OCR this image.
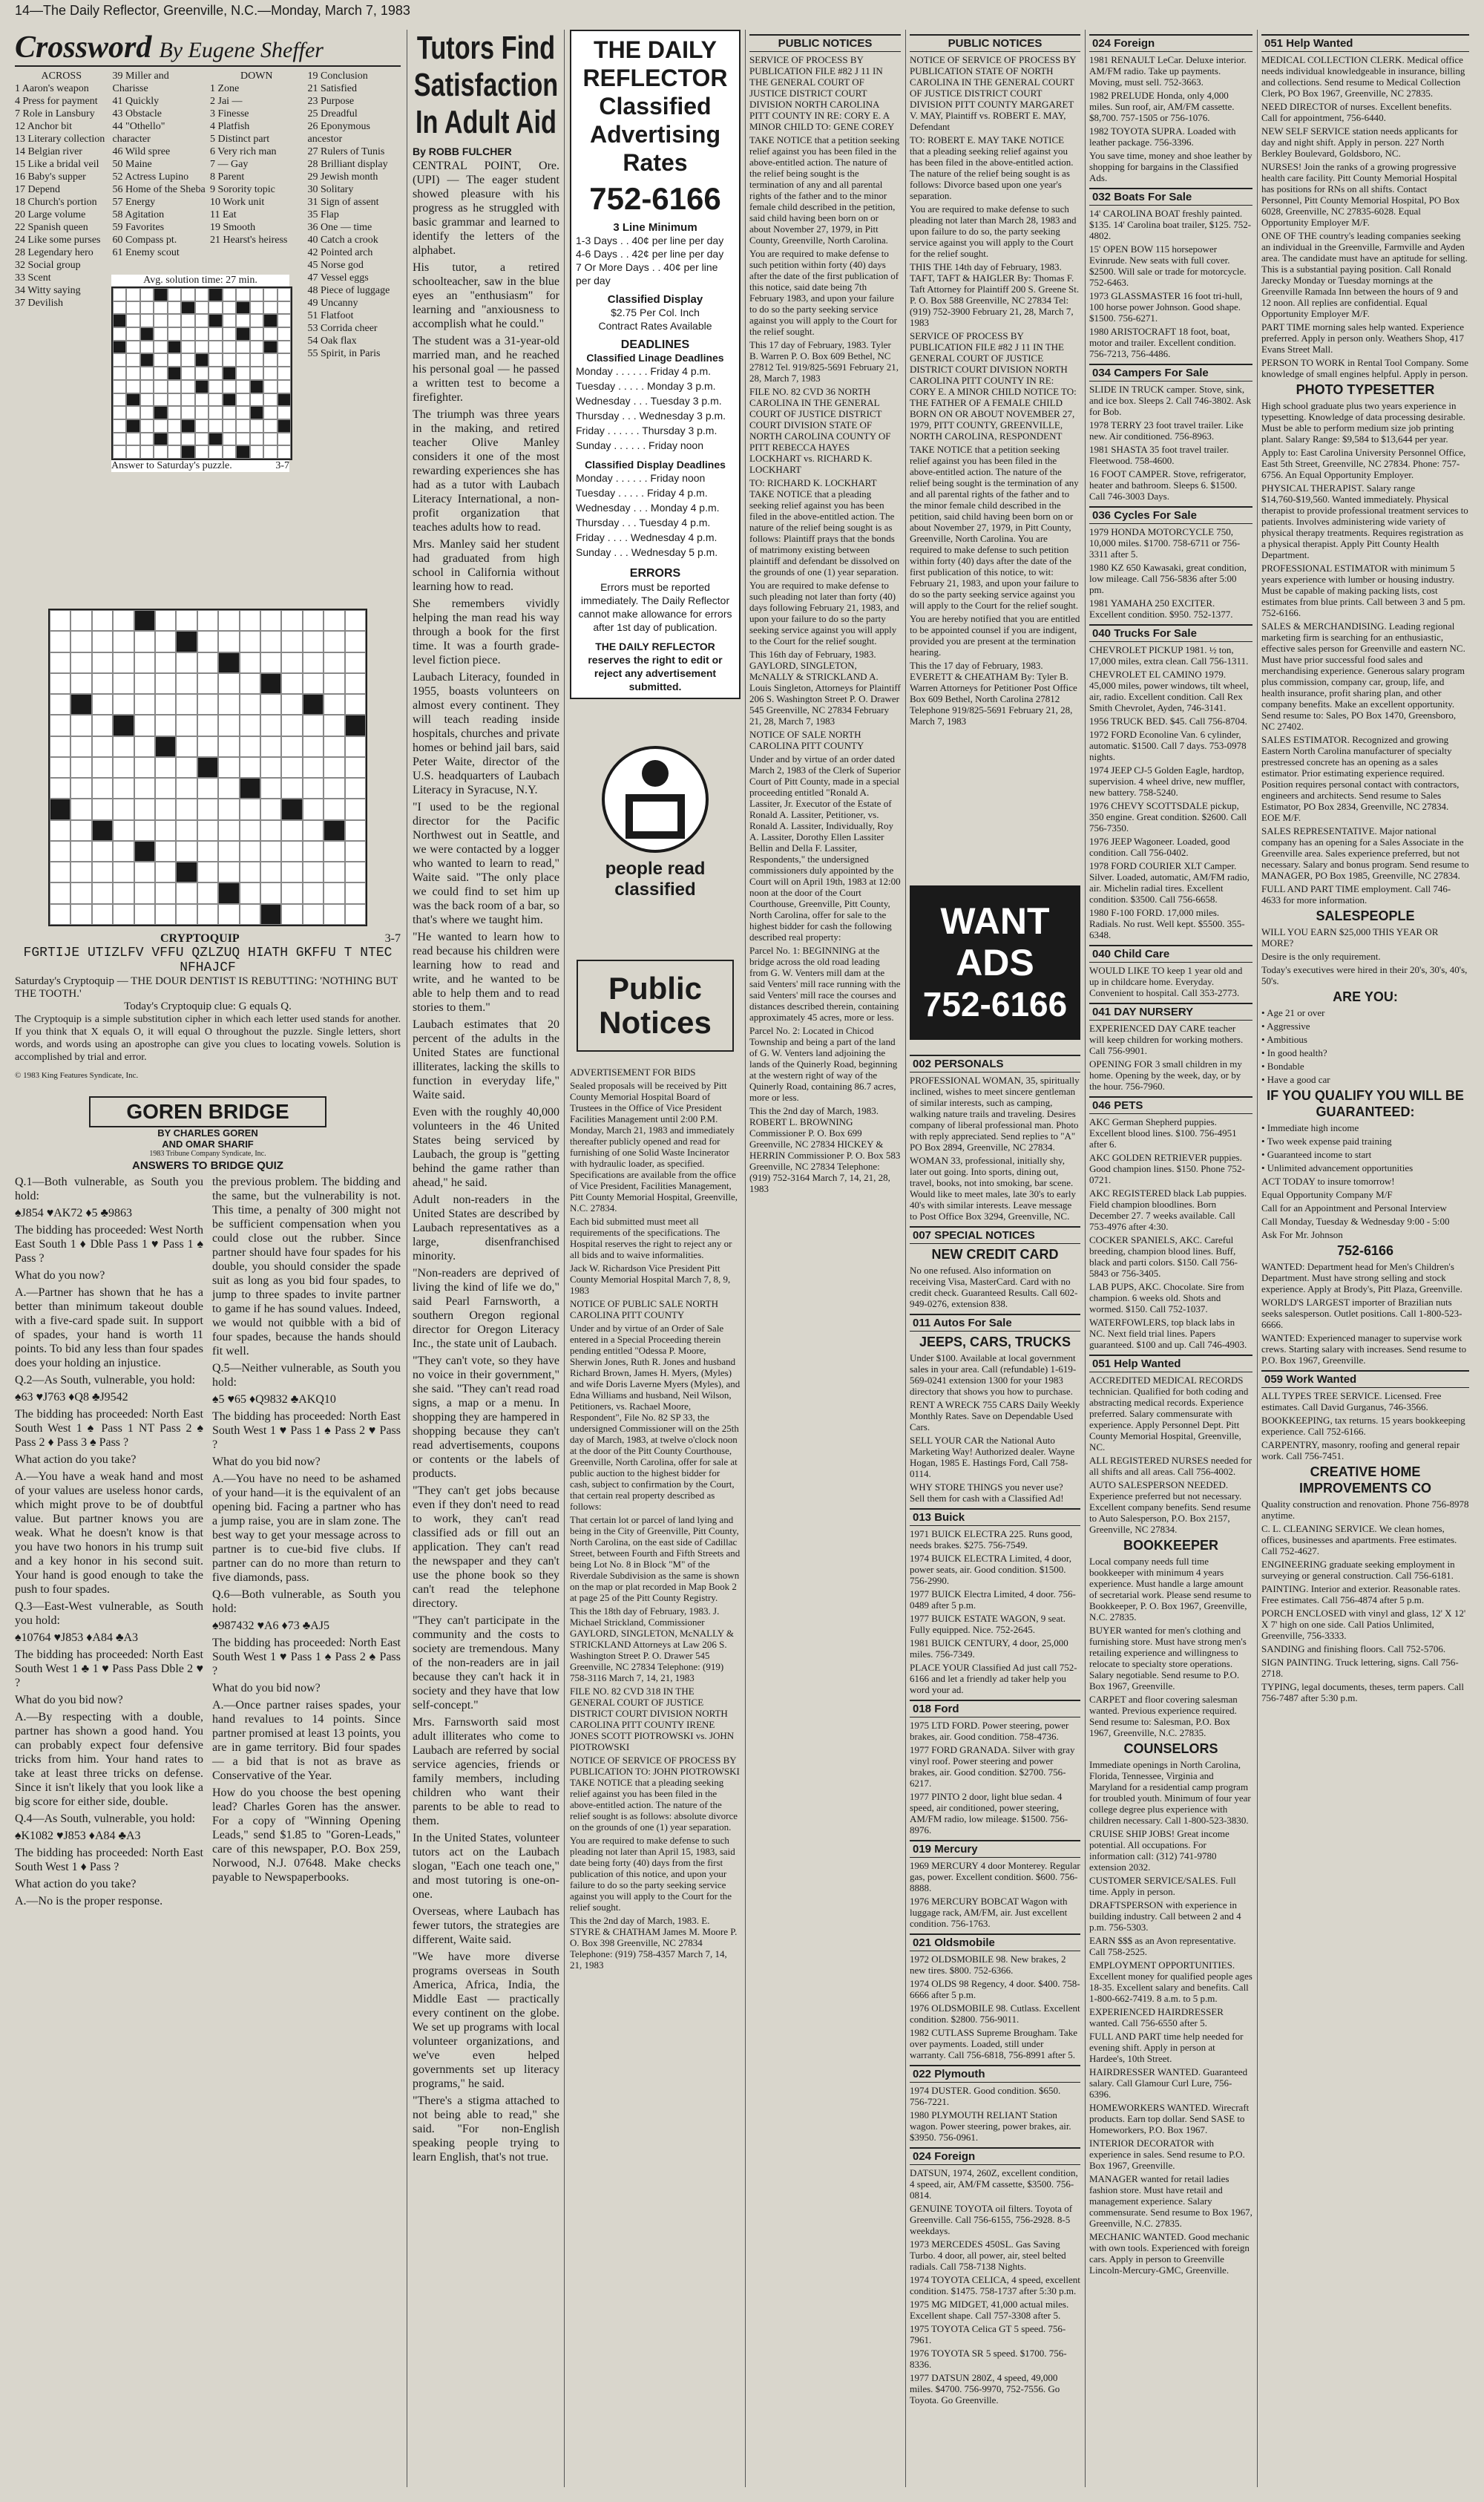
14—The Daily Reflector, Greenville, N.C.—Monday, March 7, 1983
Crossword By Eugene Sheffer
ACROSS
1 Aaron's weapon
4 Press for payment
7 Role in Lansbury
12 Anchor bit
13 Literary collection
14 Belgian river
15 Like a bridal veil
16 Baby's supper
17 Depend
18 Church's portion
20 Large volume
22 Spanish queen
24 Like some purses
28 Legendary hero
32 Social group
33 Scent
34 Witty saying
37 Devilish
39 Miller and Charisse
41 Quickly
43 Obstacle
44 "Othello" character
46 Wild spree
50 Maine
52 Actress Lupino
56 Home of the Sheba
57 Energy
58 Agitation
59 Favorites
60 Compass pt.
61 Enemy scout
DOWN
1 Zone
2 Jai —
3 Finesse
4 Platfish
5 Distinct part
6 Very rich man
7 — Gay
8 Parent
9 Sorority topic
10 Work unit
11 Eat
19 Smooth
21 Hearst's heiress
19 Conclusion
21 Satisfied
23 Purpose
25 Dreadful
26 Eponymous ancestor
27 Rulers of Tunis
28 Brilliant display
29 Jewish month
30 Solitary
31 Sign of assent
35 Flap
36 One — time
40 Catch a crook
42 Pointed arch
45 Norse god
47 Vessel eggs
48 Piece of luggage
49 Uncanny
51 Flatfoot
53 Corrida cheer
54 Oak flax
55 Spirit, in Paris
Avg. solution time: 27 min.
Answer to Saturday's puzzle.	3-7
CRYPTOQUIP	3-7
FGRTIJE UTIZLFV VFFU QZLZUQ HIATH GKFFU T NTEC NFHAJCF
Saturday's Cryptoquip — THE DOUR DENTIST IS REBUTTING: 'NOTHING BUT THE TOOTH.'
Today's Cryptoquip clue: G equals Q.
The Cryptoquip is a simple substitution cipher in which each letter used stands for another. If you think that X equals O, it will equal O throughout the puzzle. Single letters, short words, and words using an apostrophe can give you clues to locating vowels. Solution is accomplished by trial and error.
© 1983 King Features Syndicate, Inc.
GOREN BRIDGE
BY CHARLES GOREN
AND OMAR SHARIF
1983 Tribune Company Syndicate, Inc.
ANSWERS TO BRIDGE QUIZ

Q.1—Both vulnerable, as South you hold:

♠J854 ♥AK72 ♦5 ♣9863

The bidding has proceeded: West North East South 1 ♦ Dble Pass 1 ♥ Pass 1 ♠ Pass ?

What do you now?

A.—Partner has shown that he has a better than minimum takeout double with a five-card spade suit. In support of spades, your hand is worth 11 points. To bid any less than four spades does your holding an injustice.

Q.2—As South, vulnerable, you hold:

♠63 ♥J763 ♦Q8 ♣J9542

The bidding has proceeded: North East South West 1 ♠ Pass 1 NT Pass 2 ♠ Pass 2 ♦ Pass 3 ♠ Pass ?

What action do you take?

A.—You have a weak hand and most of your values are useless honor cards, which might prove to be of doubtful value. But partner knows you are weak. What he doesn't know is that you have two honors in his trump suit and a key honor in his second suit. Your hand is good enough to take the push to four spades.

Q.3—East-West vulnerable, as South you hold:

♠10764 ♥J853 ♦A84 ♣A3

The bidding has proceeded: North East South West 1 ♣ 1 ♥ Pass Pass Dble 2 ♥ ?

What do you bid now?

A.—By respecting with a double, partner has shown a good hand. You can probably expect four defensive tricks from him. Your hand rates to take at least three tricks on defense. Since it isn't likely that you look like a big score for either side, double.

Q.4—As South, vulnerable, you hold:

♠K1082 ♥J853 ♦A84 ♣A3

The bidding has proceeded: North East South West 1 ♦ Pass ?

What action do you take?

A.—No is the proper response.

the previous problem. The bidding and the same, but the vulnerability is not. This time, a penalty of 300 might not be sufficient compensation when you could close out the rubber. Since partner should have four spades for his double, you should consider the spade suit as long as you bid four spades, to jump to three spades to invite partner to game if he has sound values. Indeed, we would not quibble with a bid of four spades, because the hands should fit well.

Q.5—Neither vulnerable, as South you hold:

♠5 ♥65 ♦Q9832 ♣AKQ10

The bidding has proceeded: North East South West 1 ♥ Pass 1 ♠ Pass 2 ♥ Pass ?

What do you bid now?

A.—You have no need to be ashamed of your hand—it is the equivalent of an opening bid. Facing a partner who has a jump raise, you are in slam zone. The best way to get your message across to partner is to cue-bid five clubs. If partner can do no more than return to five diamonds, pass.

Q.6—Both vulnerable, as South you hold:

♠987432 ♥A6 ♦73 ♣AJ5

The bidding has proceeded: North East South West 1 ♥ Pass 1 ♠ Pass 2 ♠ Pass ?

What do you bid now?

A.—Once partner raises spades, your hand revalues to 14 points. Since partner promised at least 13 points, you are in game territory. Bid four spades — a bid that is not as brave as Conservative of the Year.

How do you choose the best opening lead? Charles Goren has the answer. For a copy of "Winning Opening Leads," send $1.85 to "Goren-Leads," care of this newspaper, P.O. Box 259, Norwood, N.J. 07648. Make checks payable to Newspaperbooks.

Tutors Find Satisfaction In Adult Aid
By ROBB FULCHER

CENTRAL POINT, Ore. (UPI) — The eager student showed pleasure with his progress as he struggled with basic grammar and learned to identify the letters of the alphabet.

His tutor, a retired schoolteacher, saw in the blue eyes an "enthusiasm" for learning and "anxiousness to accomplish what he could."

The student was a 31-year-old married man, and he reached his personal goal — he passed a written test to become a firefighter.

The triumph was three years in the making, and retired teacher Olive Manley considers it one of the most rewarding experiences she has had as a tutor with Laubach Literacy International, a non-profit organization that teaches adults how to read.

Mrs. Manley said her student had graduated from high school in California without learning how to read.

She remembers vividly helping the man read his way through a book for the first time. It was a fourth grade-level fiction piece.

Laubach Literacy, founded in 1955, boasts volunteers on almost every continent. They will teach reading inside hospitals, churches and private homes or behind jail bars, said Peter Waite, director of the U.S. headquarters of Laubach Literacy in Syracuse, N.Y.

"I used to be the regional director for the Pacific Northwest out in Seattle, and we were contacted by a logger who wanted to learn to read," Waite said. "The only place we could find to set him up was the back room of a bar, so that's where we taught him.

"He wanted to learn how to read because his children were learning how to read and write, and he wanted to be able to help them and to read stories to them."

Laubach estimates that 20 percent of the adults in the United States are functional illiterates, lacking the skills to function in everyday life," Waite said.

Even with the roughly 40,000 volunteers in the 46 United States being serviced by Laubach, the group is "getting behind the game rather than ahead," he said.

Adult non-readers in the United States are described by Laubach representatives as a large, disenfranchised minority.

"Non-readers are deprived of living the kind of life we do," said Pearl Farnsworth, a southern Oregon regional director for Oregon Literacy Inc., the state unit of Laubach.

"They can't vote, so they have no voice in their government," she said. "They can't read road signs, a map or a menu. In shopping they are hampered in shopping because they can't read advertisements, coupons or contents or the labels of products.

"They can't get jobs because even if they don't need to read to work, they can't read classified ads or fill out an application. They can't read the newspaper and they can't use the phone book so they can't read the telephone directory.

"They can't participate in the community and the costs to society are tremendous. Many of the non-readers are in jail because they can't hack it in society and they have that low self-concept."

Mrs. Farnsworth said most adult illiterates who come to Laubach are referred by social service agencies, friends or family members, including children who want their parents to be able to read to them.

In the United States, volunteer tutors act on the Laubach slogan, "Each one teach one," and most tutoring is one-on-one.

Overseas, where Laubach has fewer tutors, the strategies are different, Waite said.

"We have more diverse programs overseas in South America, Africa, India, the Middle East — practically every continent on the globe. We set up programs with local volunteer organizations, and we've even helped governments set up literacy programs," he said.

"There's a stigma attached to not being able to read," she said. "For non-English speaking people trying to learn English, that's not true.

THE DAILY REFLECTOR Classified Advertising Rates
752-6166
3 Line Minimum
1-3 Days . . 40¢ per line per day
4-6 Days . . 42¢ per line per day
7 Or More Days . . 40¢ per line per day
Classified Display
$2.75 Per Col. Inch
Contract Rates Available
DEADLINES
Classified Linage Deadlines
Monday . . . . . . Friday 4 p.m.
Tuesday . . . . . Monday 3 p.m.
Wednesday . . . Tuesday 3 p.m.
Thursday . . . Wednesday 3 p.m.
Friday . . . . . . Thursday 3 p.m.
Sunday . . . . . . Friday noon
Classified Display Deadlines
Monday . . . . . . Friday noon
Tuesday . . . . . Friday 4 p.m.
Wednesday . . . Monday 4 p.m.
Thursday . . . Tuesday 4 p.m.
Friday . . . . Wednesday 4 p.m.
Sunday . . . Wednesday 5 p.m.
ERRORS
Errors must be reported immediately. The Daily Reflector cannot make allowance for errors after 1st day of publication.
THE DAILY REFLECTOR reserves the right to edit or reject any advertisement submitted.
people read classified
Public Notices

ADVERTISEMENT FOR BIDS

Sealed proposals will be received by Pitt County Memorial Hospital Board of Trustees in the Office of Vice President Facilities Management until 2:00 P.M. Monday, March 21, 1983 and immediately thereafter publicly opened and read for furnishing of one Solid Waste Incinerator with hydraulic loader, as specified. Specifications are available from the office of Vice President, Facilities Management, Pitt County Memorial Hospital, Greenville, N.C. 27834.

Each bid submitted must meet all requirements of the specifications. The Hospital reserves the right to reject any or all bids and to waive informalities.

Jack W. Richardson Vice President Pitt County Memorial Hospital March 7, 8, 9, 1983

NOTICE OF PUBLIC SALE NORTH CAROLINA PITT COUNTY

Under and by virtue of an Order of Sale entered in a Special Proceeding therein pending entitled "Odessa P. Moore, Sherwin Jones, Ruth R. Jones and husband Richard Brown, James H. Myers, (Myles) and wife Doris Laverne Myers (Myles), and Edna Williams and husband, Neil Wilson, Petitioners, vs. Rachael Moore, Respondent", File No. 82 SP 33, the undersigned Commissioner will on the 25th day of March, 1983, at twelve o'clock noon at the door of the Pitt County Courthouse, Greenville, North Carolina, offer for sale at public auction to the highest bidder for cash, subject to confirmation by the Court, that certain real property described as follows:

That certain lot or parcel of land lying and being in the City of Greenville, Pitt County, North Carolina, on the east side of Cadillac Street, between Fourth and Fifth Streets and being Lot No. 8 in Block "M" of the Riverdale Subdivision as the same is shown on the map or plat recorded in Map Book 2 at page 25 of the Pitt County Registry.

This the 18th day of February, 1983. J. Michael Strickland, Commissioner GAYLORD, SINGLETON, McNALLY & STRICKLAND Attorneys at Law 206 S. Washington Street P. O. Drawer 545 Greenville, NC 27834 Telephone: (919) 758-3116 March 7, 14, 21, 1983

FILE NO. 82 CVD 318 IN THE GENERAL COURT OF JUSTICE DISTRICT COURT DIVISION NORTH CAROLINA PITT COUNTY IRENE JONES SCOTT PIOTROWSKI vs. JOHN PIOTROWSKI

NOTICE OF SERVICE OF PROCESS BY PUBLICATION TO: JOHN PIOTROWSKI TAKE NOTICE that a pleading seeking relief against you has been filed in the above-entitled action. The nature of the relief sought is as follows: absolute divorce on the grounds of one (1) year separation.

You are required to make defense to such pleading not later than April 15, 1983, said date being forty (40) days from the first publication of this notice, and upon your failure to do so the party seeking service against you will apply to the Court for the relief sought.

This the 2nd day of March, 1983. E. STYRE & CHATHAM James M. Moore P. O. Box 398 Greenville, NC 27834 Telephone: (919) 758-4357 March 7, 14, 21, 1983

PUBLIC NOTICES

SERVICE OF PROCESS BY PUBLICATION FILE #82 J 11 IN THE GENERAL COURT OF JUSTICE DISTRICT COURT DIVISION NORTH CAROLINA PITT COUNTY IN RE: CORY E. A MINOR CHILD TO: GENE COREY

TAKE NOTICE that a petition seeking relief against you has been filed in the above-entitled action. The nature of the relief being sought is the termination of any and all parental rights of the father and to the minor female child described in the petition, said child having been born on or about November 27, 1979, in Pitt County, Greenville, North Carolina.

You are required to make defense to such petition within forty (40) days after the date of the first publication of this notice, said date being 7th February 1983, and upon your failure to do so the party seeking service against you will apply to the Court for the relief sought.

This 17 day of February, 1983. Tyler B. Warren P. O. Box 609 Bethel, NC 27812 Tel. 919/825-5691 February 21, 28, March 7, 1983

FILE NO. 82 CVD 36 NORTH CAROLINA IN THE GENERAL COURT OF JUSTICE DISTRICT COURT DIVISION STATE OF NORTH CAROLINA COUNTY OF PITT REBECCA HAYES LOCKHART vs. RICHARD K. LOCKHART

TO: RICHARD K. LOCKHART TAKE NOTICE that a pleading seeking relief against you has been filed in the above-entitled action. The nature of the relief being sought is as follows: Plaintiff prays that the bonds of matrimony existing between plaintiff and defendant be dissolved on the grounds of one (1) year separation.

You are required to make defense to such pleading not later than forty (40) days following February 21, 1983, and upon your failure to do so the party seeking service against you will apply to the Court for the relief sought.

This 16th day of February, 1983. GAYLORD, SINGLETON, McNALLY & STRICKLAND A. Louis Singleton, Attorneys for Plaintiff 206 S. Washington Street P. O. Drawer 545 Greenville, NC 27834 February 21, 28, March 7, 1983

NOTICE OF SALE NORTH CAROLINA PITT COUNTY

Under and by virtue of an order dated March 2, 1983 of the Clerk of Superior Court of Pitt County, made in a special proceeding entitled "Ronald A. Lassiter, Jr. Executor of the Estate of Ronald A. Lassiter, Petitioner, vs. Ronald A. Lassiter, Individually, Roy A. Lassiter, Dorothy Ellen Lassiter Bellin and Della F. Lassiter, Respondents," the undersigned commissioners duly appointed by the Court will on April 19th, 1983 at 12:00 noon at the door of the Court Courthouse, Greenville, Pitt County, North Carolina, offer for sale to the highest bidder for cash the following described real property:

Parcel No. 1: BEGINNING at the bridge across the old road leading from G. W. Venters mill dam at the said Venters' mill race running with the said Venters' mill race the courses and distances described therein, containing approximately 45 acres, more or less.

Parcel No. 2: Located in Chicod Township and being a part of the land of G. W. Venters land adjoining the lands of the Quinerly Road, beginning at the western right of way of the Quinerly Road, containing 86.7 acres, more or less.

This the 2nd day of March, 1983. ROBERT L. BROWNING Commissioner P. O. Box 699 Greenville, NC 27834 HICKEY & HERRIN Commissioner P. O. Box 583 Greenville, NC 27834 Telephone: (919) 752-3164 March 7, 14, 21, 28, 1983

PUBLIC NOTICES

NOTICE OF SERVICE OF PROCESS BY PUBLICATION STATE OF NORTH CAROLINA IN THE GENERAL COURT OF JUSTICE DISTRICT COURT DIVISION PITT COUNTY MARGARET V. MAY, Plaintiff vs. ROBERT E. MAY, Defendant

TO: ROBERT E. MAY TAKE NOTICE that a pleading seeking relief against you has been filed in the above-entitled action. The nature of the relief being sought is as follows: Divorce based upon one year's separation.

You are required to make defense to such pleading not later than March 28, 1983 and upon failure to do so, the party seeking service against you will apply to the Court for the relief sought.

THIS THE 14th day of February, 1983. TAFT, TAFT & HAIGLER By: Thomas F. Taft Attorney for Plaintiff 200 S. Greene St. P. O. Box 588 Greenville, NC 27834 Tel: (919) 752-3900 February 21, 28, March 7, 1983

SERVICE OF PROCESS BY PUBLICATION FILE #82 J 11 IN THE GENERAL COURT OF JUSTICE DISTRICT COURT DIVISION NORTH CAROLINA PITT COUNTY IN RE: CORY E. A MINOR CHILD NOTICE TO: THE FATHER OF A FEMALE CHILD BORN ON OR ABOUT NOVEMBER 27, 1979, PITT COUNTY, GREENVILLE, NORTH CAROLINA, RESPONDENT

TAKE NOTICE that a petition seeking relief against you has been filed in the above-entitled action. The nature of the relief being sought is the termination of any and all parental rights of the father and to the minor female child described in the petition, said child having been born on or about November 27, 1979, in Pitt County, Greenville, North Carolina. You are required to make defense to such petition within forty (40) days after the date of the first publication of this notice, to wit: February 21, 1983, and upon your failure to do so the party seeking service against you will apply to the Court for the relief sought.

You are hereby notified that you are entitled to be appointed counsel if you are indigent, provided you are present at the termination hearing.

This the 17 day of February, 1983. EVERETT & CHEATHAM By: Tyler B. Warren Attorneys for Petitioner Post Office Box 609 Bethel, North Carolina 27812 Telephone 919/825-5691 February 21, 28, March 7, 1983

WANT ADS
752-6166
002 PERSONALS

PROFESSIONAL WOMAN, 35, spiritually inclined, wishes to meet sincere gentleman of similar interests, such as camping, walking nature trails and traveling. Desires company of liberal professional man. Photo with reply appreciated. Send replies to "A" PO Box 2894, Greenville, NC 27834.

WOMAN 33, professional, initially shy, later out going. Into sports, dining out, travel, books, not into smoking, bar scene. Would like to meet males, late 30's to early 40's with similar interests. Leave message to Post Office Box 3294, Greenville, NC.

007 SPECIAL NOTICES

NEW CREDIT CARD

No one refused. Also information on receiving Visa, MasterCard. Card with no credit check. Guaranteed Results. Call 602-949-0276, extension 838.

011 Autos For Sale

JEEPS, CARS, TRUCKS

Under $100. Available at local government sales in your area. Call (refundable) 1-619-569-0241 extension 1300 for your 1983 directory that shows you how to purchase.

RENT A WRECK 755 CARS Daily Weekly Monthly Rates. Save on Dependable Used Cars.

SELL YOUR CAR the National Auto Marketing Way! Authorized dealer. Wayne Hogan, 1985 E. Hastings Ford, Call 758-0114.

WHY STORE THINGS you never use? Sell them for cash with a Classified Ad!

013 Buick

1971 BUICK ELECTRA 225. Runs good, needs brakes. $275. 756-7549.

1974 BUICK ELECTRA Limited, 4 door, power seats, air. Good condition. $1500. 756-2990.

1977 BUICK Electra Limited, 4 door. 756-0489 after 5 p.m.

1977 BUICK ESTATE WAGON, 9 seat. Fully equipped. Nice. 752-2645.

1981 BUICK CENTURY, 4 door, 25,000 miles. 756-7349.

PLACE YOUR Classified Ad just call 752-6166 and let a friendly ad taker help you word your ad.

018 Ford

1975 LTD FORD. Power steering, power brakes, air. Good condition. 758-4736.

1977 FORD GRANADA. Silver with gray vinyl roof. Power steering and power brakes, air. Good condition. $2700. 756-6217.

1977 PINTO 2 door, light blue sedan. 4 speed, air conditioned, power steering, AM/FM radio, low mileage. $1500. 756-8976.

019 Mercury

1969 MERCURY 4 door Monterey. Regular gas, power. Excellent condition. $600. 756-8888.

1976 MERCURY BOBCAT Wagon with luggage rack, AM/FM, air. Just excellent condition. 756-1763.

021 Oldsmobile

1972 OLDSMOBILE 98. New brakes, 2 new tires. $800. 752-6366.

1974 OLDS 98 Regency, 4 door. $400. 758-6666 after 5 p.m.

1976 OLDSMOBILE 98. Cutlass. Excellent condition. $2800. 756-9011.

1982 CUTLASS Supreme Brougham. Take over payments. Loaded, still under warranty. Call 756-6818, 756-8991 after 5.

022 Plymouth

1974 DUSTER. Good condition. $650. 756-7221.

1980 PLYMOUTH RELIANT Station wagon. Power steering, power brakes, air. $3950. 756-0961.

024 Foreign

DATSUN, 1974, 260Z, excellent condition, 4 speed, air, AM/FM cassette, $3500. 756-0814.

GENUINE TOYOTA oil filters. Toyota of Greenville. Call 756-6155, 756-2928. 8-5 weekdays.

1973 MERCEDES 450SL. Gas Saving Turbo. 4 door, all power, air, steel belted radials. Call 758-7138 Nights.

1974 TOYOTA CELICA, 4 speed, excellent condition. $1475. 758-1737 after 5:30 p.m.

1975 MG MIDGET, 41,000 actual miles. Excellent shape. Call 757-3308 after 5.

1975 TOYOTA Celica GT 5 speed. 756-7961.

1976 TOYOTA SR 5 speed. $1700. 756-8336.

1977 DATSUN 280Z, 4 speed, 49,000 miles. $4700. 756-9970, 752-7556. Go Toyota. Go Greenville.

024 Foreign

1981 RENAULT LeCar. Deluxe interior. AM/FM radio. Take up payments. Moving, must sell. 752-3663.

1982 PRELUDE Honda, only 4,000 miles. Sun roof, air, AM/FM cassette. $8,700. 757-1505 or 756-1076.

1982 TOYOTA SUPRA. Loaded with leather package. 756-3396.

You save time, money and shoe leather by shopping for bargains in the Classified Ads.

032 Boats For Sale

14' CAROLINA BOAT freshly painted. $135. 14' Carolina boat trailer, $125. 752-4802.

15' OPEN BOW 115 horsepower Evinrude. New seats with full cover. $2500. Will sale or trade for motorcycle. 752-6463.

1973 GLASSMASTER 16 foot tri-hull, 100 horse power Johnson. Good shape. $1500. 756-6271.

1980 ARISTOCRAFT 18 foot, boat, motor and trailer. Excellent condition. 756-7213, 756-4486.

034 Campers For Sale

SLIDE IN TRUCK camper. Stove, sink, and ice box. Sleeps 2. Call 746-3802. Ask for Bob.

1978 TERRY 23 foot travel trailer. Like new. Air conditioned. 756-8963.

1981 SHASTA 35 foot travel trailer. Fleetwood. 758-4600.

16 FOOT CAMPER. Stove, refrigerator, heater and bathroom. Sleeps 6. $1500. Call 746-3003 Days.

036 Cycles For Sale

1979 HONDA MOTORCYCLE 750, 10,000 miles. $1700. 758-6711 or 756-3311 after 5.

1980 KZ 650 Kawasaki, great condition, low mileage. Call 756-5836 after 5:00 pm.

1981 YAMAHA 250 EXCITER. Excellent condition. $950. 752-1377.

040 Trucks For Sale

CHEVROLET PICKUP 1981. ½ ton, 17,000 miles, extra clean. Call 756-1311.

CHEVROLET EL CAMINO 1979. 45,000 miles, power windows, tilt wheel, air, radio. Excellent condition. Call Rex Smith Chevrolet, Ayden, 746-3141.

1956 TRUCK BED. $45. Call 756-8704.

1972 FORD Econoline Van. 6 cylinder, automatic. $1500. Call 7 days. 753-0978 nights.

1974 JEEP CJ-5 Golden Eagle, hardtop, supervision. 4 wheel drive, new muffler, new battery. 758-5240.

1976 CHEVY SCOTTSDALE pickup, 350 engine. Great condition. $2600. Call 756-7350.

1976 JEEP Wagoneer. Loaded, good condition. Call 756-0402.

1978 FORD COURIER XLT Camper. Silver. Loaded, automatic, AM/FM radio, air. Michelin radial tires. Excellent condition. $3500. Call 756-6658.

1980 F-100 FORD. 17,000 miles. Radials. No rust. Well kept. $5500. 355-6348.

040 Child Care

WOULD LIKE TO keep 1 year old and up in childcare home. Everyday. Convenient to hospital. Call 353-2773.

041 DAY NURSERY

EXPERIENCED DAY CARE teacher will keep children for working mothers. Call 756-9901.

OPENING FOR 3 small children in my home. Opening by the week, day, or by the hour. 756-7960.

046 PETS

AKC German Shepherd puppies. Excellent blood lines. $100. 756-4951 after 6.

AKC GOLDEN RETRIEVER puppies. Good champion lines. $150. Phone 752-0721.

AKC REGISTERED black Lab puppies. Field champion bloodlines. Born December 27. 7 weeks available. Call 753-4976 after 4:30.

COCKER SPANIELS, AKC. Careful breeding, champion blood lines. Buff, black and parti colors. $150. Call 756-5843 or 756-3405.

LAB PUPS, AKC. Chocolate. Sire from champion. 6 weeks old. Shots and wormed. $150. Call 752-1037.

WATERFOWLERS, top black labs in NC. Next field trial lines. Papers guaranteed. $100 and up. Call 746-4903.

051 Help Wanted

ACCREDITED MEDICAL RECORDS technician. Qualified for both coding and abstracting medical records. Experience preferred. Salary commensurate with experience. Apply Personnel Dept. Pitt County Memorial Hospital, Greenville, NC.

ALL REGISTERED NURSES needed for all shifts and all areas. Call 756-4002.

AUTO SALESPERSON NEEDED. Experience preferred but not necessary. Excellent company benefits. Send resume to Auto Salesperson, P.O. Box 2157, Greenville, NC 27834.

BOOKKEEPER

Local company needs full time bookkeeper with minimum 4 years experience. Must handle a large amount of secretarial work. Please send resume to Bookkeeper, P. O. Box 1967, Greenville, N.C. 27835.

BUYER wanted for men's clothing and furnishing store. Must have strong men's retailing experience and willingness to relocate to specialty store operations. Salary negotiable. Send resume to P.O. Box 1967, Greenville.

CARPET and floor covering salesman wanted. Previous experience required. Send resume to: Salesman, P.O. Box 1967, Greenville, N.C. 27835.

COUNSELORS

Immediate openings in North Carolina, Florida, Tennessee, Virginia and Maryland for a residential camp program for troubled youth. Minimum of four year college degree plus experience with children necessary. Call 1-800-523-3830.

CRUISE SHIP JOBS! Great income potential. All occupations. For information call: (312) 741-9780 extension 2032.

CUSTOMER SERVICE/SALES. Full time. Apply in person.

DRAFTSPERSON with experience in building industry. Call between 2 and 4 p.m. 756-5303.

EARN $$$ as an Avon representative. Call 758-2525.

EMPLOYMENT OPPORTUNITIES. Excellent money for qualified people ages 18-35. Excellent salary and benefits. Call 1-800-662-7419. 8 a.m. to 5 p.m.

EXPERIENCED HAIRDRESSER wanted. Call 756-6550 after 5.

FULL AND PART time help needed for evening shift. Apply in person at Hardee's, 10th Street.

HAIRDRESSER WANTED. Guaranteed salary. Call Glamour Curl Lure, 756-6396.

HOMEWORKERS WANTED. Wirecraft products. Earn top dollar. Send SASE to Homeworkers, P.O. Box 1967.

INTERIOR DECORATOR with experience in sales. Send resume to P.O. Box 1967, Greenville.

MANAGER wanted for retail ladies fashion store. Must have retail and management experience. Salary commensurate. Send resume to Box 1967, Greenville, N.C. 27835.

MECHANIC WANTED. Good mechanic with own tools. Experienced with foreign cars. Apply in person to Greenville Lincoln-Mercury-GMC, Greenville.

051 Help Wanted

MEDICAL COLLECTION CLERK. Medical office needs individual knowledgeable in insurance, billing and collections. Send resume to Medical Collection Clerk, PO Box 1967, Greenville, NC 27835.

NEED DIRECTOR of nurses. Excellent benefits. Call for appointment, 756-6440.

NEW SELF SERVICE station needs applicants for day and night shift. Apply in person. 227 North Berkley Boulevard, Goldsboro, NC.

NURSES! Join the ranks of a growing progressive health care facility. Pitt County Memorial Hospital has positions for RNs on all shifts. Contact Personnel, Pitt County Memorial Hospital, PO Box 6028, Greenville, NC 27835-6028. Equal Opportunity Employer M/F.

ONE OF THE country's leading companies seeking an individual in the Greenville, Farmville and Ayden area. The candidate must have an aptitude for selling. This is a substantial paying position. Call Ronald Jarecky Monday or Tuesday mornings at the Greenville Ramada Inn between the hours of 9 and 12 noon. All replies are confidential. Equal Opportunity Employer M/F.

PART TIME morning sales help wanted. Experience preferred. Apply in person only. Weathers Shop, 417 Evans Street Mall.

PERSON TO WORK in Rental Tool Company. Some knowledge of small engines helpful. Apply in person.

PHOTO TYPESETTER

High school graduate plus two years experience in typesetting. Knowledge of data processing desirable. Must be able to perform medium size job printing plant. Salary Range: $9,584 to $13,644 per year.

Apply to: East Carolina University Personnel Office, East 5th Street, Greenville, NC 27834. Phone: 757-6756. An Equal Opportunity Employer.

PHYSICAL THERAPIST. Salary range $14,760-$19,560. Wanted immediately. Physical therapist to provide professional treatment services to patients. Involves administering wide variety of physical therapy treatments. Requires registration as a physical therapist. Apply Pitt County Health Department.

PROFESSIONAL ESTIMATOR with minimum 5 years experience with lumber or housing industry. Must be capable of making packing lists, cost estimates from blue prints. Call between 3 and 5 pm. 752-6166.

SALES & MERCHANDISING. Leading regional marketing firm is searching for an enthusiastic, effective sales person for Greenville and eastern NC. Must have prior successful food sales and merchandising experience. Generous salary program plus commission, company car, group, life, and health insurance, profit sharing plan, and other company benefits. Make an excellent opportunity. Send resume to: Sales, PO Box 1470, Greensboro, NC 27402.

SALES ESTIMATOR. Recognized and growing Eastern North Carolina manufacturer of specialty prestressed concrete has an opening as a sales estimator. Prior estimating experience required. Position requires personal contact with contractors, engineers and architects. Send resume to Sales Estimator, PO Box 2834, Greenville, NC 27834. EOE M/F.

SALES REPRESENTATIVE. Major national company has an opening for a Sales Associate in the Greenville area. Sales experience preferred, but not necessary. Salary and bonus program. Send resume to MANAGER, PO Box 1985, Greenville, NC 27834.

FULL AND PART TIME employment. Call 746-4633 for more information.

SALESPEOPLE

WILL YOU EARN $25,000 THIS YEAR OR MORE?

Desire is the only requirement.

Today's executives were hired in their 20's, 30's, 40's, 50's.

ARE YOU:

• Age 21 or over

• Aggressive

• Ambitious

• In good health?

• Bondable

• Have a good car

IF YOU QUALIFY YOU WILL BE GUARANTEED:

• Immediate high income

• Two week expense paid training

• Guaranteed income to start

• Unlimited advancement opportunities

ACT TODAY to insure tomorrow!

Equal Opportunity Company M/F

Call for an Appointment and Personal Interview

Call Monday, Tuesday & Wednesday 9:00 - 5:00

Ask For Mr. Johnson

752-6166

WANTED: Department head for Men's Children's Department. Must have strong selling and stock experience. Apply at Brody's, Pitt Plaza, Greenville.

WORLD'S LARGEST importer of Brazilian nuts seeks salesperson. Outlet positions. Call 1-800-523-6666.

WANTED: Experienced manager to supervise work crews. Starting salary with increases. Send resume to P.O. Box 1967, Greenville.

059 Work Wanted

ALL TYPES TREE SERVICE. Licensed. Free estimates. Call David Gurganus, 746-3566.

BOOKKEEPING, tax returns. 15 years bookkeeping experience. Call 752-6166.

CARPENTRY, masonry, roofing and general repair work. Call 756-7451.

CREATIVE HOME IMPROVEMENTS CO

Quality construction and renovation. Phone 756-8978 anytime.

C. L. CLEANING SERVICE. We clean homes, offices, businesses and apartments. Free estimates. Call 752-4627.

ENGINEERING graduate seeking employment in surveying or general construction. Call 756-6181.

PAINTING. Interior and exterior. Reasonable rates. Free estimates. Call 756-4874 after 5 p.m.

PORCH ENCLOSED with vinyl and glass, 12' X 12' X 7' high on one side. Call Patios Unlimited, Greenville, 756-3333.

SANDING and finishing floors. Call 752-5706.

SIGN PAINTING. Truck lettering, signs. Call 756-2718.

TYPING, legal documents, theses, term papers. Call 756-7487 after 5:30 p.m.
